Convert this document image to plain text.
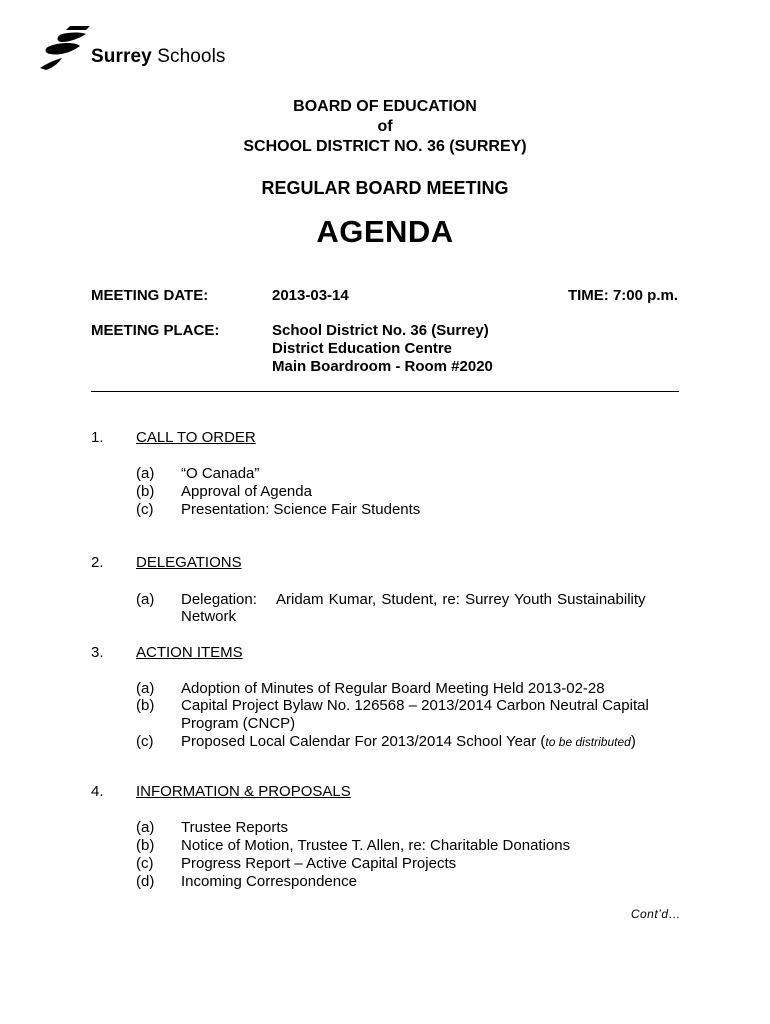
Surrey Schools
BOARD OF EDUCATION
of
SCHOOL DISTRICT NO. 36 (SURREY)
REGULAR BOARD MEETING
AGENDA
MEETING DATE:	2013-03-14	TIME: 7:00 p.m.
MEETING PLACE:	School District No. 36 (Surrey)
District Education Centre
Main Boardroom - Room #2020
1. CALL TO ORDER
(a)	“O Canada”
(b)	Approval of Agenda
(c)	Presentation: Science Fair Students
2. DELEGATIONS
(a)	Delegation: Aridam Kumar, Student, re: Surrey Youth Sustainability
Network
3. ACTION ITEMS
(a)	Adoption of Minutes of Regular Board Meeting Held 2013-02-28
(b)	Capital Project Bylaw No. 126568 – 2013/2014 Carbon Neutral Capital
Program (CNCP)
(c)	Proposed Local Calendar For 2013/2014 School Year (to be distributed)
4. INFORMATION & PROPOSALS
(a)	Trustee Reports
(b)	Notice of Motion, Trustee T. Allen, re: Charitable Donations
(c)	Progress Report – Active Capital Projects
(d)	Incoming Correspondence
Cont’d…
